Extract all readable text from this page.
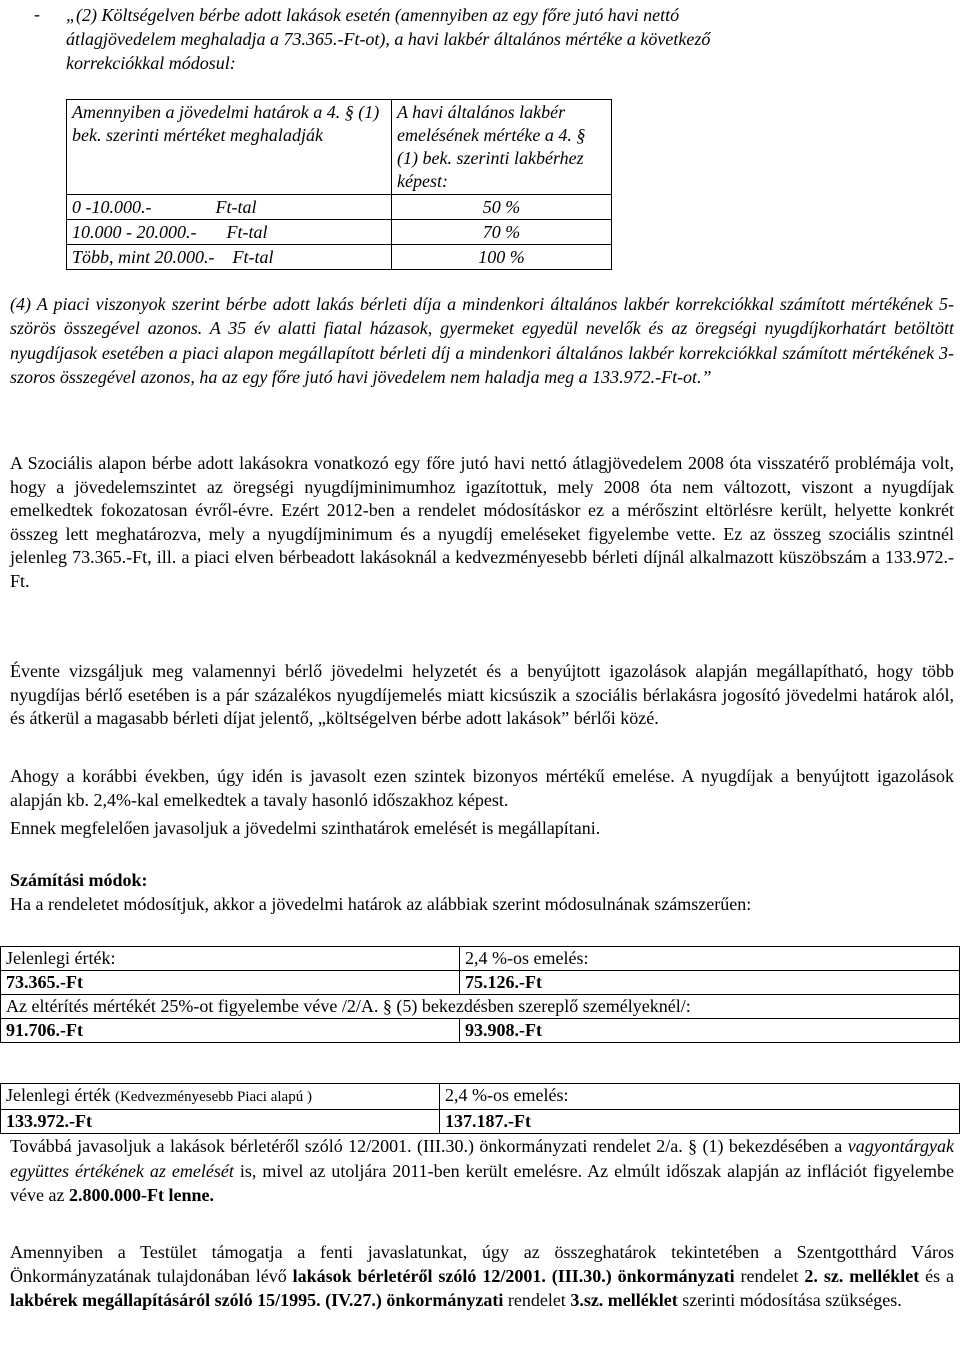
- „(2) Költségelven bérbe adott lakások esetén (amennyiben az egy főre jutó havi nettó
átlagjövedelem meghaladja a 73.365.-Ft-ot), a havi lakbér általános mértéke a következő
korrekciókkal módosul:
Amennyiben a jövedelmi határok a 4. § (1) bek. szerinti mértéket meghaladják	A havi általános lakbér emelésének mértéke a 4. § (1) bek. szerinti lakbérhez képest:
0 -10.000.- Ft-tal	50 %
10.000 - 20.000.- Ft-tal	70 %
Több, mint 20.000.- Ft-tal	100 %

(4) A piaci viszonyok szerint bérbe adott lakás bérleti díja a mindenkori általános lakbér korrekciókkal számított mértékének 5-szörös összegével azonos. A 35 év alatti fiatal házasok, gyermeket egyedül nevelők és az öregségi nyugdíjkorhatárt betöltött nyugdíjasok esetében a piaci alapon megállapított bérleti díj a mindenkori általános lakbér korrekciókkal számított mértékének 3-szoros összegével azonos, ha az egy főre jutó havi jövedelem nem haladja meg a 133.972.-Ft-ot.”

A Szociális alapon bérbe adott lakásokra vonatkozó egy főre jutó havi nettó átlagjövedelem 2008 óta visszatérő problémája volt, hogy a jövedelemszintet az öregségi nyugdíjminimumhoz igazítottuk, mely 2008 óta nem változott, viszont a nyugdíjak emelkedtek fokozatosan évről-évre. Ezért 2012-ben a rendelet módosításkor ez a mérőszint eltörlésre került, helyette konkrét összeg lett meghatározva, mely a nyugdíjminimum és a nyugdíj emeléseket figyelembe vette. Ez az összeg szociális szintnél jelenleg 73.365.-Ft, ill. a piaci elven bérbeadott lakásoknál a kedvezményesebb bérleti díjnál alkalmazott küszöbszám a 133.972.-Ft.

Évente vizsgáljuk meg valamennyi bérlő jövedelmi helyzetét és a benyújtott igazolások alapján megállapítható, hogy több nyugdíjas bérlő esetében is a pár százalékos nyugdíjemelés miatt kicsúszik a szociális bérlakásra jogosító jövedelmi határok alól, és átkerül a magasabb bérleti díjat jelentő, „költségelven bérbe adott lakások” bérlői közé.

Ahogy a korábbi években, úgy idén is javasolt ezen szintek bizonyos mértékű emelése. A nyugdíjak a benyújtott igazolások alapján kb. 2,4%-kal emelkedtek a tavaly hasonló időszakhoz képest.

Ennek megfelelően javasoljuk a jövedelmi szinthatárok emelését is megállapítani.

Számítási módok:
Ha a rendeletet módosítjuk, akkor a jövedelmi határok az alábbiak szerint módosulnának számszerűen:
Jelenlegi érték:	2,4 %-os emelés:
73.365.-Ft	75.126.-Ft
Az eltérítés mértékét 25%-ot figyelembe véve /2/A. § (5) bekezdésben szereplő személyeknél/:	
91.706.-Ft	93.908.-Ft
Jelenlegi érték (Kedvezményesebb Piaci alapú )	2,4 %-os emelés:
133.972.-Ft	137.187.-Ft

Továbbá javasoljuk a lakások bérletéről szóló 12/2001. (III.30.) önkormányzati rendelet 2/a. § (1) bekezdésében a vagyontárgyak együttes értékének az emelését is, mivel az utoljára 2011-ben került emelésre. Az elmúlt időszak alapján az inflációt figyelembe véve az 2.800.000-Ft lenne.

Amennyiben a Testület támogatja a fenti javaslatunkat, úgy az összeghatárok tekintetében a Szentgotthárd Város Önkormányzatának tulajdonában lévő lakások bérletéről szóló 12/2001. (III.30.) önkormányzati rendelet 2. sz. melléklet és a lakbérek megállapításáról szóló 15/1995. (IV.27.) önkormányzati rendelet 3.sz. melléklet szerinti módosítása szükséges.
